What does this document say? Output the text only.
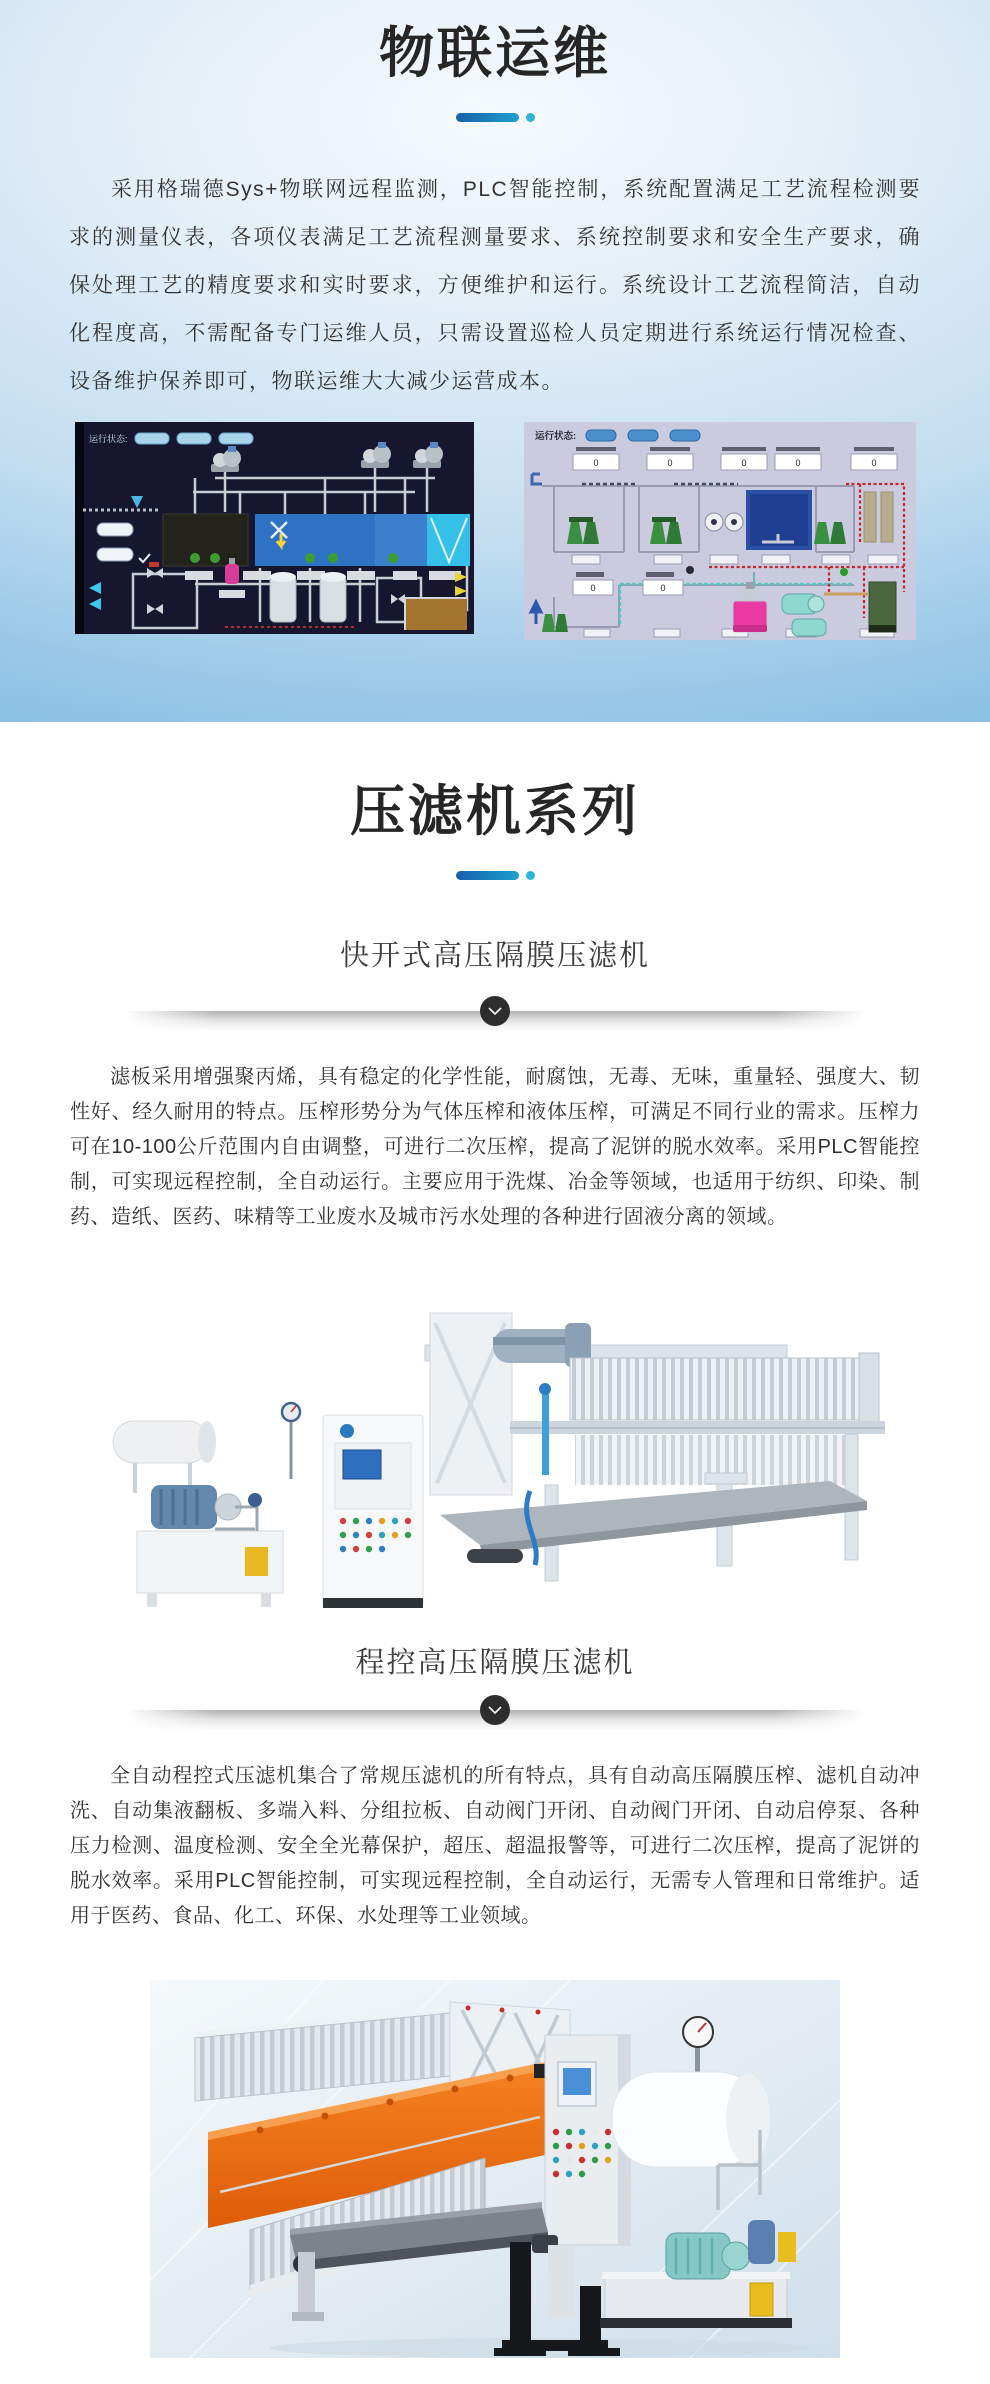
物联运维

采用格瑞德Sys+物联网远程监测，PLC智能控制，系统配置满足工艺流程检测要求的测量仪表，各项仪表满足工艺流程测量要求、系统控制要求和安全生产要求，确保处理工艺的精度要求和实时要求，方便维护和运行。系统设计工艺流程简洁，自动化程度高，不需配备专门运维人员，只需设置巡检人员定期进行系统运行情况检查、设备维护保养即可，物联运维大大减少运营成本。

运行状态:	运行状态:
0	0	0	0	0
0	0
压滤机系列
快开式高压隔膜压滤机

滤板采用增强聚丙烯，具有稳定的化学性能，耐腐蚀，无毒、无味，重量轻、强度大、韧性好、经久耐用的特点。压榨形势分为气体压榨和液体压榨，可满足不同行业的需求。压榨力可在10-100公斤范围内自由调整，可进行二次压榨，提高了泥饼的脱水效率。采用PLC智能控制，可实现远程控制，全自动运行。主要应用于洗煤、冶金等领域，也适用于纺织、印染、制药、造纸、医药、味精等工业废水及城市污水处理的各种进行固液分离的领域。

程控高压隔膜压滤机

全自动程控式压滤机集合了常规压滤机的所有特点，具有自动高压隔膜压榨、滤机自动冲洗、自动集液翻板、多端入料、分组拉板、自动阀门开闭、自动阀门开闭、自动启停泵、各种压力检测、温度检测、安全全光幕保护，超压、超温报警等，可进行二次压榨，提高了泥饼的脱水效率。采用PLC智能控制，可实现远程控制，全自动运行，无需专人管理和日常维护。适用于医药、食品、化工、环保、水处理等工业领域。
